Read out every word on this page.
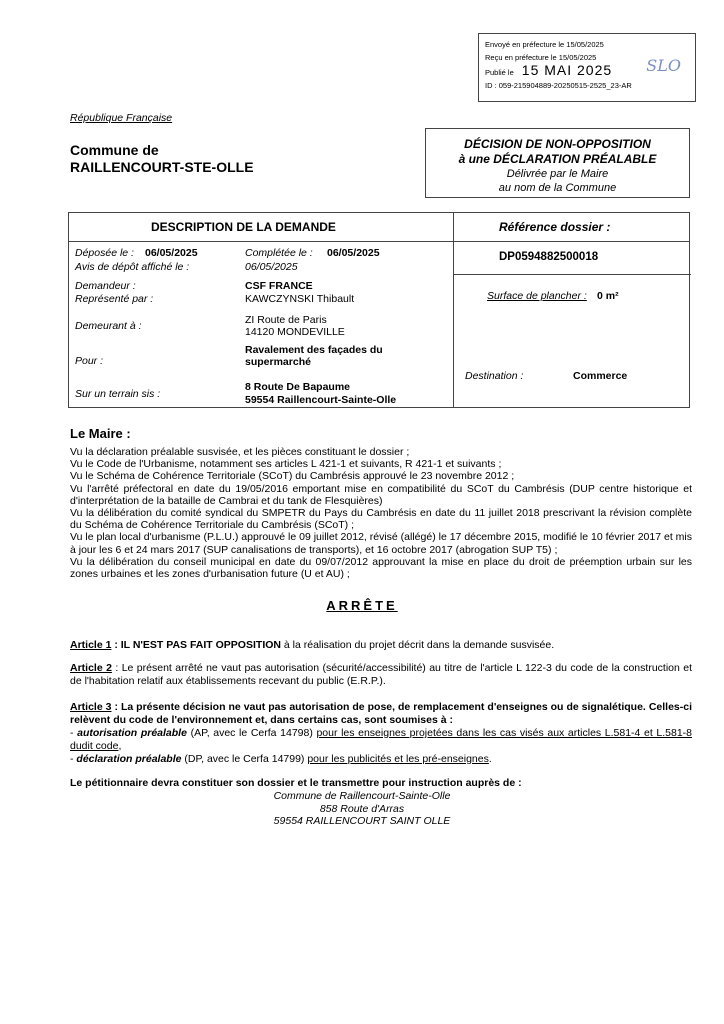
Envoyé en préfecture le 15/05/2025
Reçu en préfecture le 15/05/2025
Publié le 15 MAI 2025
ID : 059-215904889-20250515-2525_23-AR
SLO
République Française
Commune de
RAILLENCOURT-STE-OLLE
DÉCISION DE NON-OPPOSITION
à une DÉCLARATION PRÉALABLE
Délivrée par le Maire
au nom de la Commune
DESCRIPTION DE LA DEMANDE	Référence dossier :
DP0594882500018
Déposée le : 06/05/2025	Complétée le : 06/05/2025
Avis de dépôt affiché le :	06/05/2025
Demandeur :	CSF FRANCE
Représenté par :	KAWCZYNSKI Thibault	Surface de plancher : 0 m²
Demeurant à :	ZI Route de Paris
14120 MONDEVILLE
Pour :
Ravalement des façades du
supermarché
Destination :	Commerce
Sur un terrain sis :
8 Route De Bapaume
59554 Raillencourt-Sainte-Olle
Le Maire :

Vu la déclaration préalable susvisée, et les pièces constituant le dossier ;

Vu le Code de l'Urbanisme, notamment ses articles L 421-1 et suivants, R 421-1 et suivants ;

Vu le Schéma de Cohérence Territoriale (SCoT) du Cambrésis approuvé le 23 novembre 2012 ;

Vu l'arrêté préfectoral en date du 19/05/2016 emportant mise en compatibilité du SCoT du Cambrésis (DUP centre historique et d'interprétation de la bataille de Cambrai et du tank de Flesquières)

Vu la délibération du comité syndical du SMPETR du Pays du Cambrésis en date du 11 juillet 2018 prescrivant la révision complète du Schéma de Cohérence Territoriale du Cambrésis (SCoT) ;

Vu le plan local d'urbanisme (P.L.U.) approuvé le 09 juillet 2012, révisé (allégé) le 17 décembre 2015, modifié le 10 février 2017 et mis à jour les 6 et 24 mars 2017 (SUP canalisations de transports), et 16 octobre 2017 (abrogation SUP T5) ;

Vu la délibération du conseil municipal en date du 09/07/2012 approuvant la mise en place du droit de préemption urbain sur les zones urbaines et les zones d'urbanisation future (U et AU) ;

ARRÊTE
Article 1 : IL N'EST PAS FAIT OPPOSITION à la réalisation du projet décrit dans la demande susvisée.
Article 2 : Le présent arrêté ne vaut pas autorisation (sécurité/accessibilité) au titre de l'article L 122-3 du code de la construction et de l'habitation relatif aux établissements recevant du public (E.R.P.).
Article 3 : La présente décision ne vaut pas autorisation de pose, de remplacement d'enseignes ou de signalétique. Celles-ci relèvent du code de l'environnement et, dans certains cas, sont soumises à :
- autorisation préalable (AP, avec le Cerfa 14798) pour les enseignes projetées dans les cas visés aux articles L.581-4 et L.581-8 dudit code,
- déclaration préalable (DP, avec le Cerfa 14799) pour les publicités et les pré-enseignes.
Le pétitionnaire devra constituer son dossier et le transmettre pour instruction auprès de :
Commune de Raillencourt-Sainte-Olle
858 Route d'Arras
59554 RAILLENCOURT SAINT OLLE
